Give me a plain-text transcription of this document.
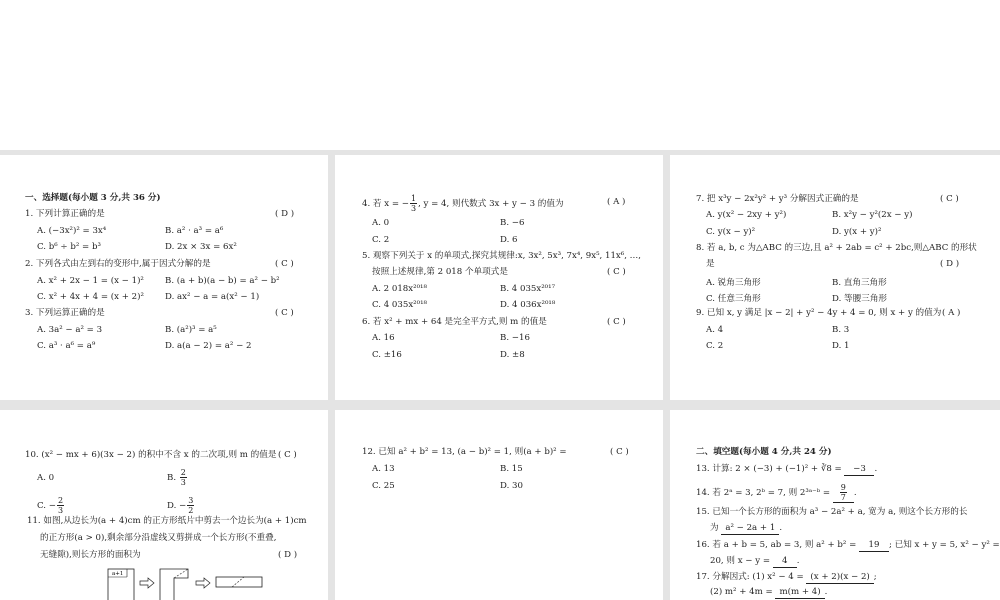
一、选择题(每小题 3 分,共 36 分)
1. 下列计算正确的是	( D )
A. (−3x²)² = 3x⁴	B. a² · a³ = a⁶
C. b⁶ ÷ b² = b³	D. 2x × 3x = 6x²
2. 下列各式由左到右的变形中,属于因式分解的是	( C )
A. x² + 2x − 1 = (x − 1)² B. (a + b)(a − b) = a² − b²
C. x² + 4x + 4 = (x + 2)² D. ax² − a = a(x² − 1)
3. 下列运算正确的是	( C )
A. 3a² − a² = 3	B. (a²)³ = a⁵
C. a³ · a⁶ = a⁹	D. a(a − 2) = a² − 2
4. 若 x = − $\frac{1}{3}$ , y = 4, 则代数式 3x + y − 3 的值为	( A )
A. 0	B. −6
C. 2	D. 6
5. 观察下列关于 x 的单项式,探究其规律:x, 3x², 5x³, 7x⁴, 9x⁵, 11x⁶, …,
按照上述规律,第 2 018 个单项式是	( C )
A. 2 018x²⁰¹⁸	B. 4 035x²⁰¹⁷
C. 4 035x²⁰¹⁸	D. 4 036x²⁰¹⁸
6. 若 x² + mx + 64 是完全平方式,则 m 的值是	( C )
A. 16	B. −16
C. ±16	D. ±8
7. 把 x³y − 2x²y² + y³ 分解因式正确的是	( C )
A. y(x² − 2xy + y²)	B. x²y − y²(2x − y)
C. y(x − y)²	D. y(x + y)²
8. 若 a, b, c 为△ABC 的三边,且 a² + 2ab = c² + 2bc,则△ABC 的形状
是	( D )
A. 锐角三角形	B. 直角三角形
C. 任意三角形	D. 等腰三角形
9. 已知 x, y 满足 |x − 2| + y² − 4y + 4 = 0, 则 x + y 的值为 ( A )
A. 4	B. 3
C. 2	D. 1
10. (x² − mx + 6)(3x − 2) 的积中不含 x 的二次项,则 m 的值是 ( C )
A. 0	B. $\frac{2}{3}$
C. − $\frac{2}{3}$	D. − $\frac{3}{2}$
11. 如图,从边长为(a + 4)cm 的正方形纸片中剪去一个边长为(a + 1)cm
的正方形(a > 0),剩余部分沿虚线又剪拼成一个长方形(不重叠,
无缝隙),则长方形的面积为	( D )
a+1
12. 已知 a² + b² = 13, (a − b)² = 1, 则(a + b)² =	( C )
A. 13	B. 15
C. 25	D. 30
二、填空题(每小题 4 分,共 24 分)
13. 计算: 2 × (−3) + (−1)² + ∛8 = −3 .
14. 若 2ᵃ = 3, 2ᵇ = 7, 则 2³ᵃ⁻ᵇ = $\frac{9}{7}$ .
15. 已知一个长方形的面积为 a³ − 2a² + a, 宽为 a, 则这个长方形的长
为 a² − 2a + 1 .
16. 若 a + b = 5, ab = 3, 则 a² + b² = 19 ; 已知 x + y = 5, x² − y² =
20, 则 x − y = 4 .
17. 分解因式: (1) x² − 4 = (x + 2)(x − 2) ;
(2) m² + 4m = m(m + 4) .
